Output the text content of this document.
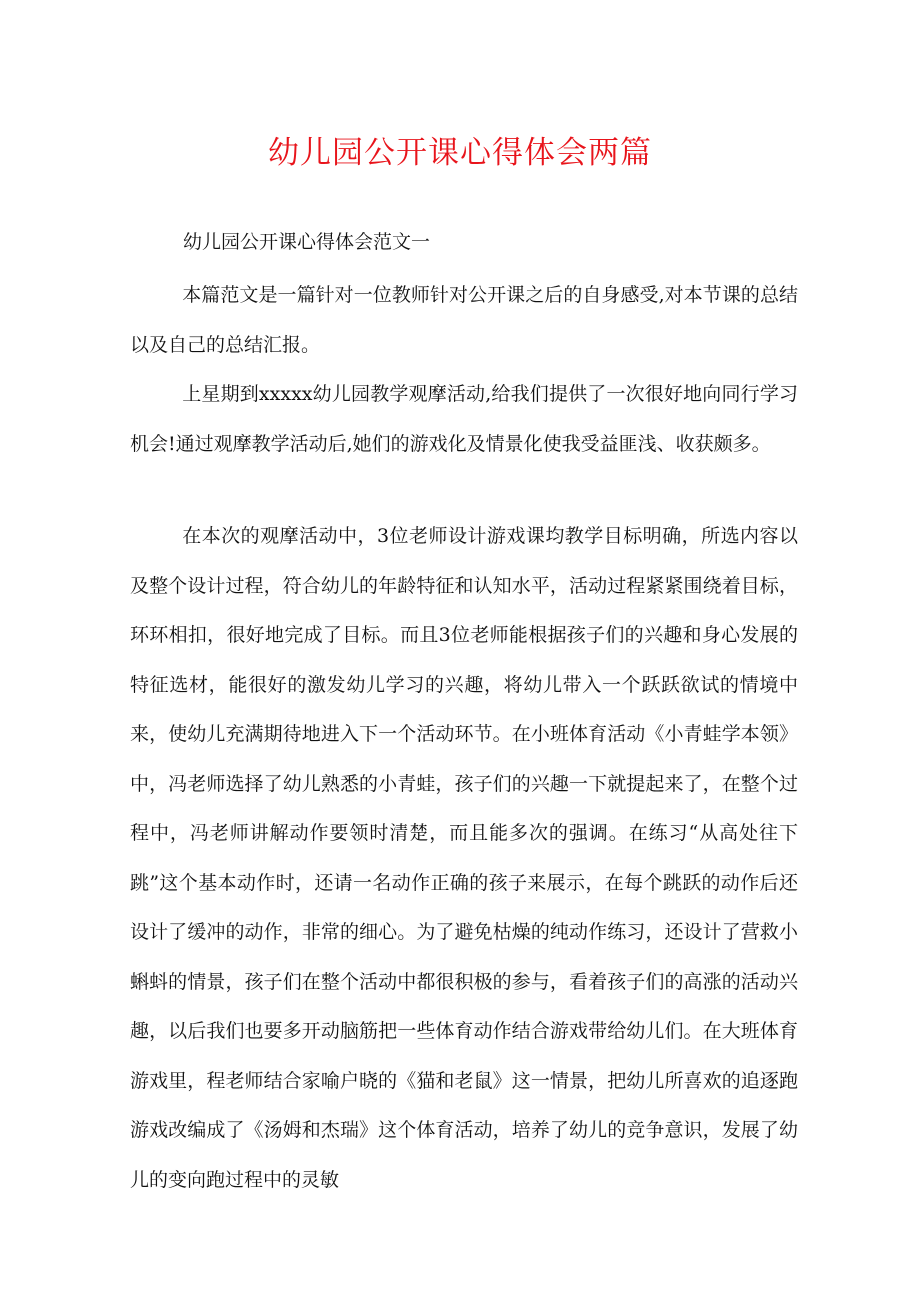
幼儿园公开课心得体会两篇

幼儿园公开课心得体会范文一

本篇范文是一篇针对一位教师针对公开课之后的自身感受,对本节课的总结以及自己的总结汇报。

上星期到xxxxx幼儿园教学观摩活动,给我们提供了一次很好地向同行学习机会!通过观摩教学活动后,她们的游戏化及情景化使我受益匪浅、收获颇多。

在本次的观摩活动中，3位老师设计游戏课均教学目标明确，所选内容以及整个设计过程，符合幼儿的年龄特征和认知水平，活动过程紧紧围绕着目标，环环相扣，很好地完成了目标。而且3位老师能根据孩子们的兴趣和身心发展的特征选材，能很好的激发幼儿学习的兴趣，将幼儿带入一个跃跃欲试的情境中来，使幼儿充满期待地进入下一个活动环节。在小班体育活动《小青蛙学本领》中，冯老师选择了幼儿熟悉的小青蛙，孩子们的兴趣一下就提起来了，在整个过程中，冯老师讲解动作要领时清楚，而且能多次的强调。在练习“从高处往下跳”这个基本动作时，还请一名动作正确的孩子来展示，在每个跳跃的动作后还设计了缓冲的动作，非常的细心。为了避免枯燥的纯动作练习，还设计了营救小蝌蚪的情景，孩子们在整个活动中都很积极的参与，看着孩子们的高涨的活动兴趣，以后我们也要多开动脑筋把一些体育动作结合游戏带给幼儿们。在大班体育游戏里，程老师结合家喻户晓的《猫和老鼠》这一情景，把幼儿所喜欢的追逐跑游戏改编成了《汤姆和杰瑞》这个体育活动，培养了幼儿的竞争意识，发展了幼儿的变向跑过程中的灵敏
